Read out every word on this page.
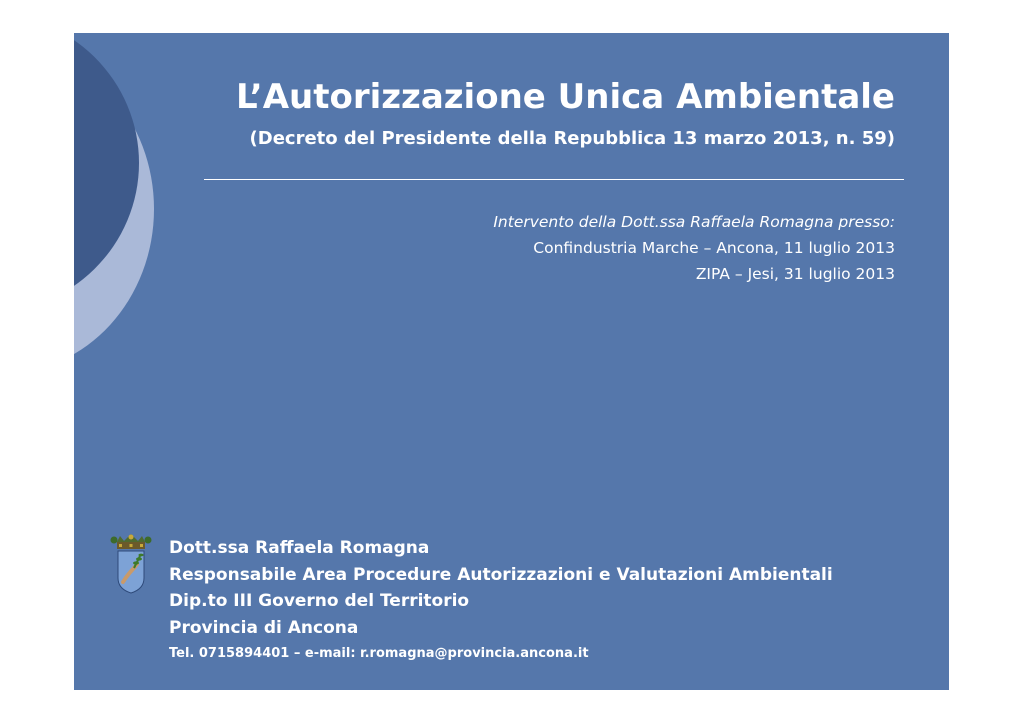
L’Autorizzazione Unica Ambientale
(Decreto del Presidente della Repubblica 13 marzo 2013, n. 59)
Intervento della Dott.ssa Raffaela Romagna presso:
Confindustria Marche – Ancona, 11 luglio 2013
ZIPA – Jesi, 31 luglio 2013
Dott.ssa Raffaela Romagna
Responsabile Area Procedure Autorizzazioni e Valutazioni Ambientali
Dip.to III Governo del Territorio
Provincia di Ancona
Tel. 0715894401 – e-mail: r.romagna@provincia.ancona.it
